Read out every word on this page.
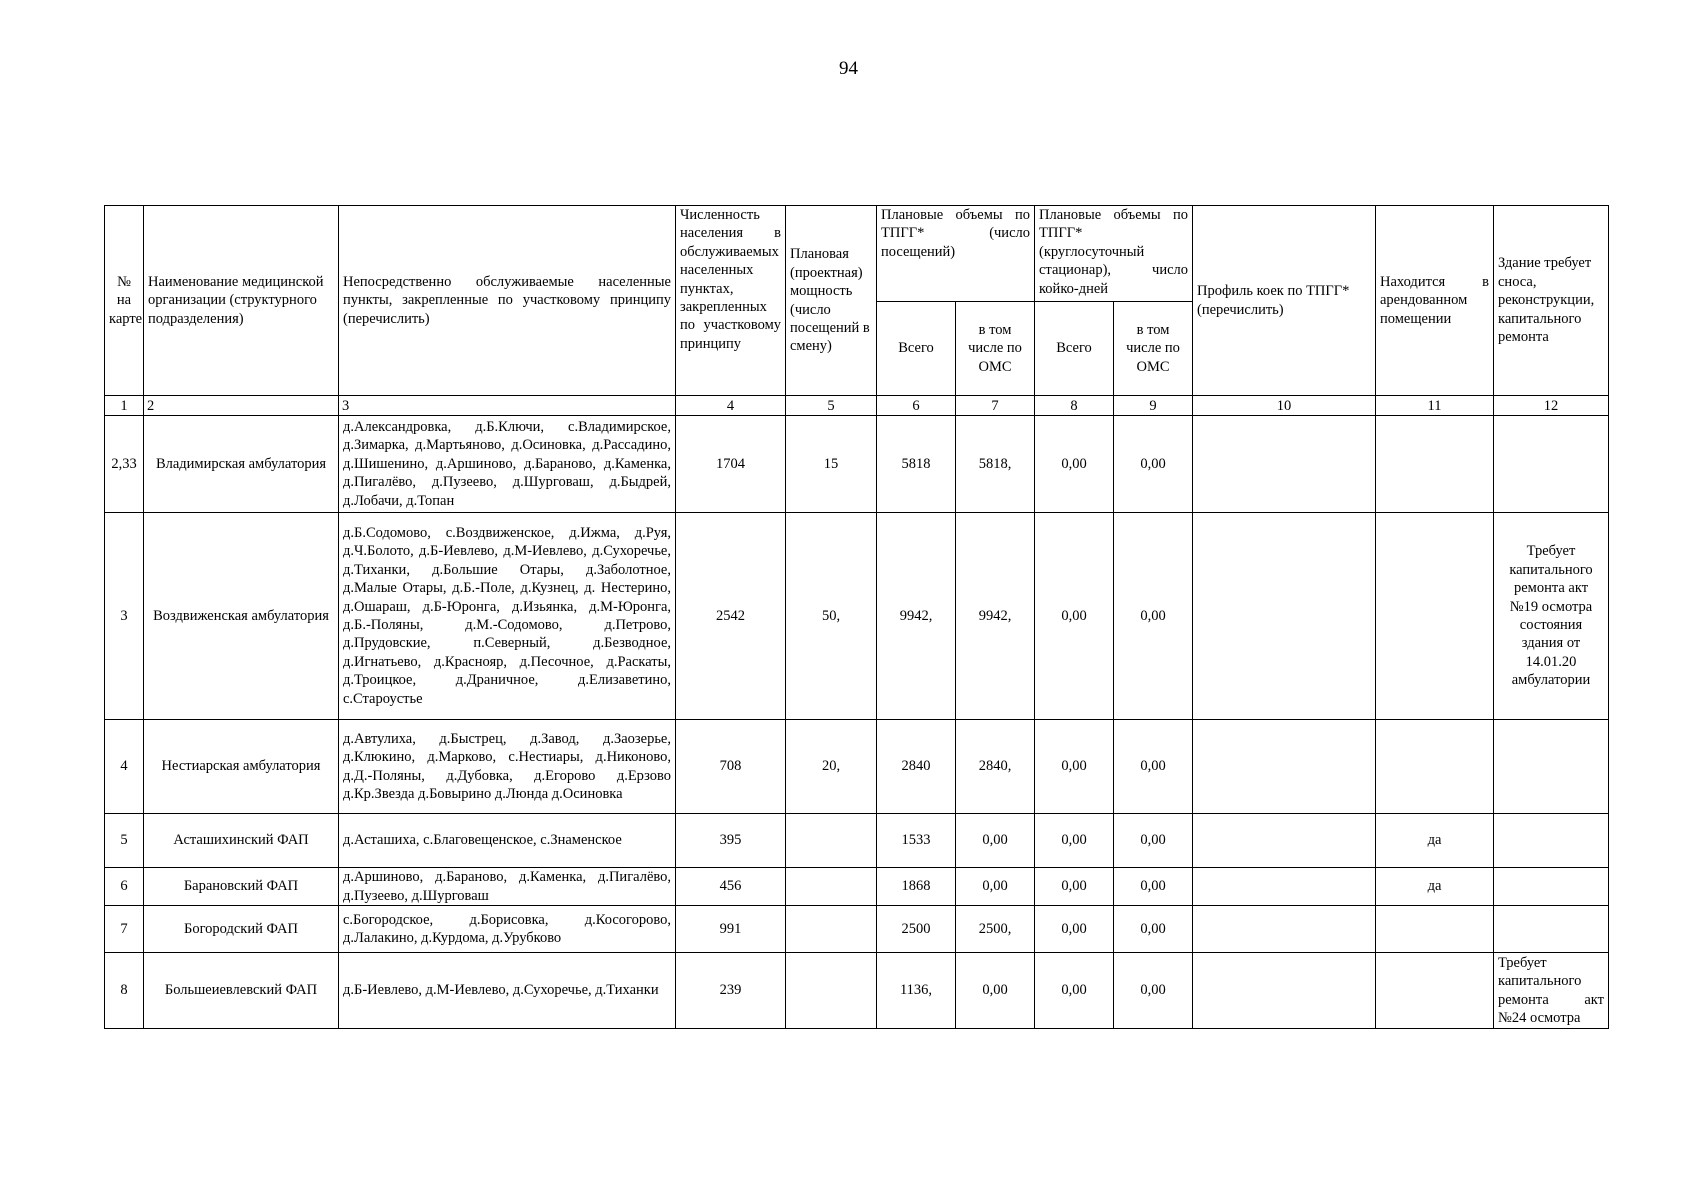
94
№ на карте	Наименование медицинской организации (структурного подразделения)	Непосредственно обслуживаемые населенные пункты, закрепленные по участковому принципу (перечислить)	Численность населения в обслуживаемых населенных пунктах, закрепленных по участковому принципу	Плановая (проектная) мощность (число посещений в смену)	Плановые объемы по ТПГГ* (число посещений)		Плановые объемы по ТПГГ* (круглосуточный стационар), число койко-дней		Профиль коек по ТПГГ* (перечислить)	Находится в арендованном помещении	Здание требует сноса, реконструкции, капитального ремонта
					Всего	в том числе по ОМС	Всего	в том числе по ОМС			
1	2	3	4	5	6	7	8	9	10	11	12
2,33	Владимирская амбулатория	д.Александровка, д.Б.Ключи, с.Владимирское, д.Зимарка, д.Мартьяново, д.Осиновка, д.Рассадино, д.Шишенино, д.Аршиново, д.Бараново, д.Каменка, д.Пигалёво, д.Пузеево, д.Шурговаш, д.Быдрей, д.Лобачи, д.Топан	1704	15	5818	5818,	0,00	0,00			
3	Воздвиженская амбулатория	д.Б.Содомово, с.Воздвиженское, д.Ижма, д.Руя, д.Ч.Болото, д.Б-Иевлево, д.М-Иевлево, д.Сухоречье, д.Тиханки, д.Большие Отары, д.Заболотное, д.Малые Отары, д.Б.-Поле, д.Кузнец, д. Нестерино, д.Ошараш, д.Б-Юронга, д.Изьянка, д.М-Юронга, д.Б.-Поляны, д.М.-Содомово, д.Петрово, д.Прудовские, п.Северный, д.Безводное, д.Игнатьево, д.Краснояр, д.Песочное, д.Раскаты, д.Троицкое, д.Драничное, д.Елизаветино, с.Староустье	2542	50,	9942,	9942,	0,00	0,00			Требует капитального ремонта акт №19 осмотра состояния здания от 14.01.20 амбулатории
4	Нестиарская амбулатория	д.Автулиха, д.Быстрец, д.Завод, д.Заозерье, д.Клюкино, д.Марково, с.Нестиары, д.Никоново, д.Д.-Поляны, д.Дубовка, д.Егорово д.Ерзово д.Кр.Звезда д.Бовырино д.Люнда д.Осиновка	708	20,	2840	2840,	0,00	0,00			
5	Асташихинский ФАП	д.Асташиха, с.Благовещенское, с.Знаменское	395		1533	0,00	0,00	0,00		да	
6	Барановский ФАП	д.Аршиново, д.Бараново, д.Каменка, д.Пигалёво, д.Пузеево, д.Шурговаш	456		1868	0,00	0,00	0,00		да	
7	Богородский ФАП	с.Богородское, д.Борисовка, д.Косогорово, д.Лалакино, д.Курдома, д.Урубково	991		2500	2500,	0,00	0,00			
8	Большеиевлевский ФАП	д.Б-Иевлево, д.М-Иевлево, д.Сухоречье, д.Тиханки	239		1136,	0,00	0,00	0,00			Требует капитального ремонта акт №24 осмотра
